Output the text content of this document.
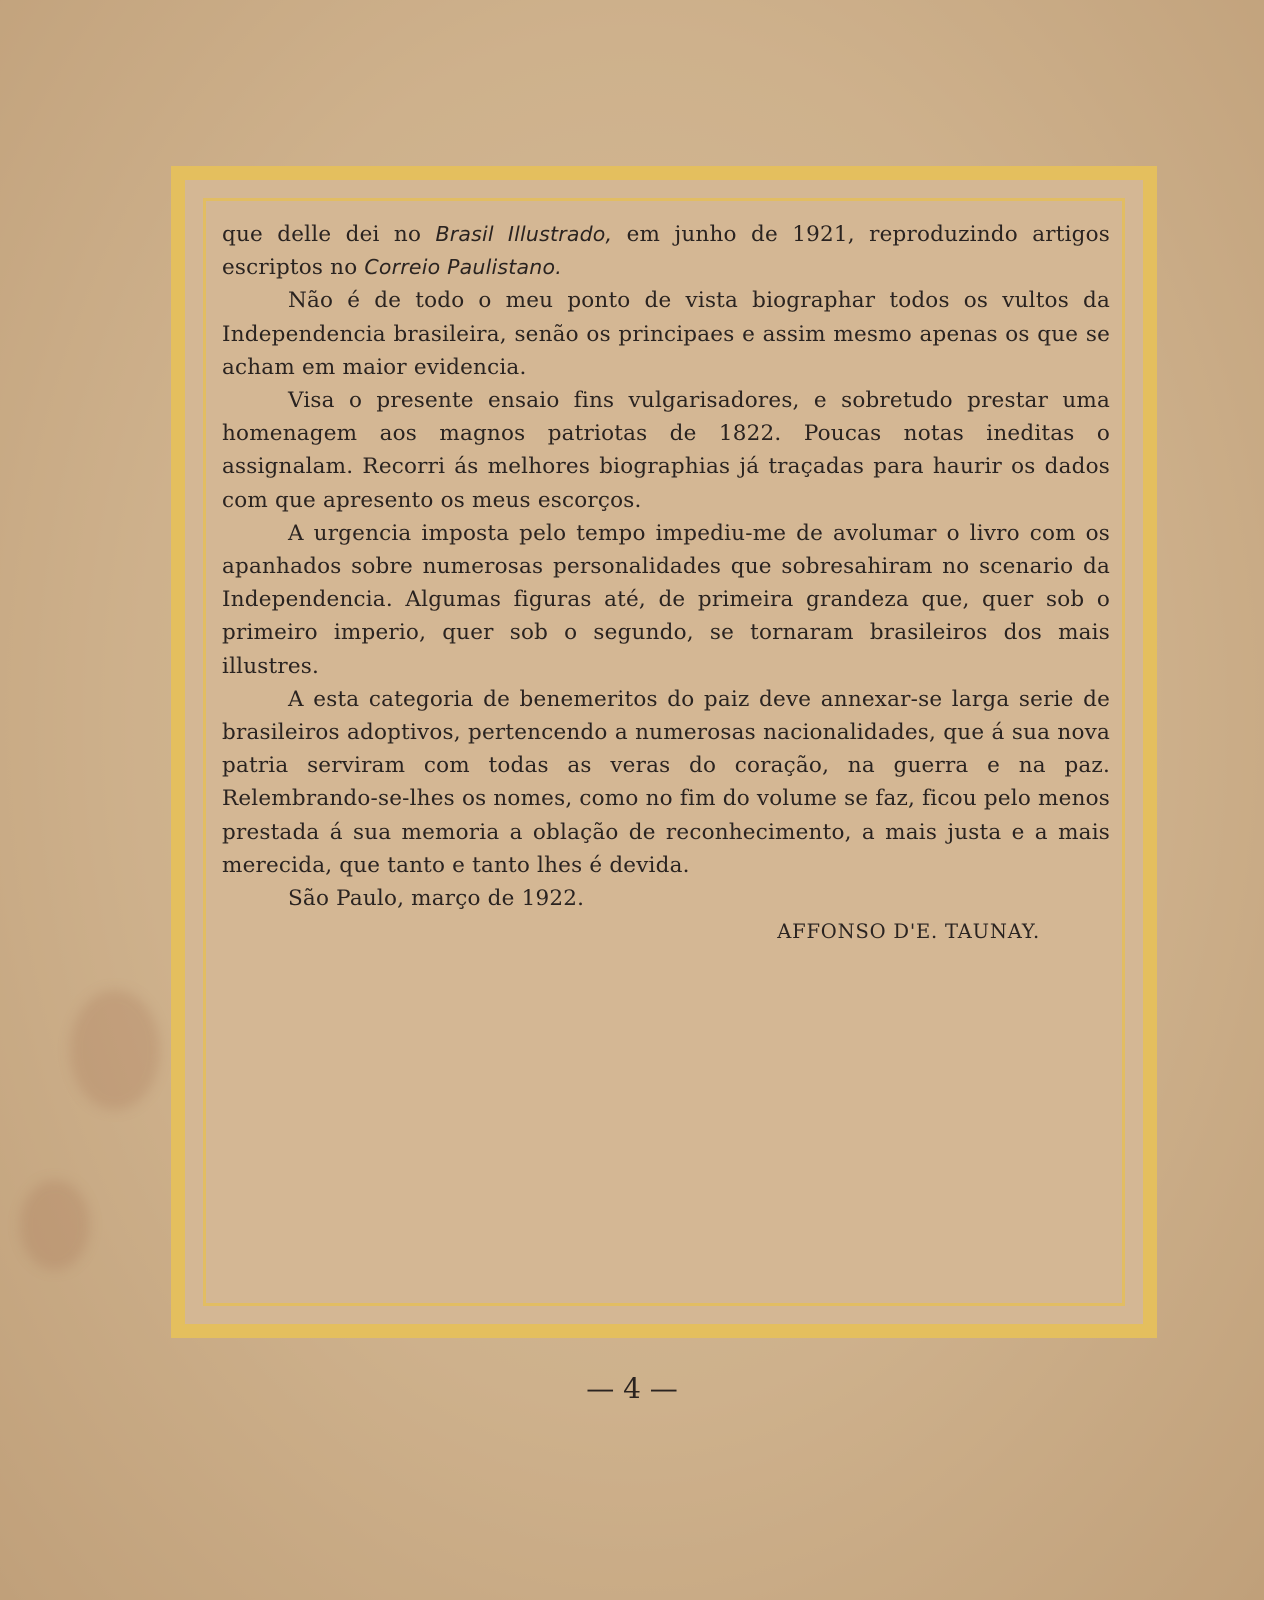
que delle dei no Brasil Illustrado, em junho de 1921, reproduzindo artigos escriptos no Correio Paulistano.

Não é de todo o meu ponto de vista biographar todos os vultos da Independencia brasileira, senão os principaes e assim mesmo apenas os que se acham em maior evidencia.

Visa o presente ensaio fins vulgarisadores, e sobretudo prestar uma homenagem aos magnos patriotas de 1822. Poucas notas ineditas o assignalam. Recorri ás melhores biographias já traçadas para haurir os dados com que apresento os meus escorços.

A urgencia imposta pelo tempo impediu-me de avolumar o livro com os apanhados sobre numerosas personalidades que sobresahiram no scenario da Independencia. Algumas figuras até, de primeira grandeza que, quer sob o primeiro imperio, quer sob o segundo, se tornaram brasileiros dos mais illustres.

A esta categoria de benemeritos do paiz deve annexar-se larga serie de brasileiros adoptivos, pertencendo a numerosas nacionalidades, que á sua nova patria serviram com todas as veras do coração, na guerra e na paz. Relembrando-se-lhes os nomes, como no fim do volume se faz, ficou pelo menos prestada á sua memoria a oblação de reconhecimento, a mais justa e a mais merecida, que tanto e tanto lhes é devida.

São Paulo, março de 1922.

AFFONSO D'E. TAUNAY.
— 4 —
